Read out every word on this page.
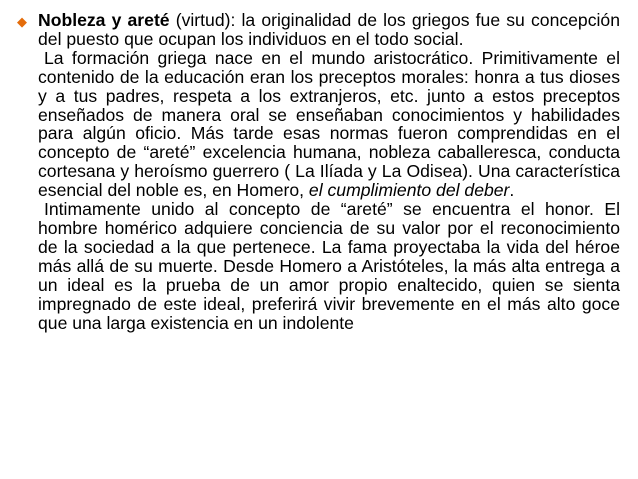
◆

Nobleza y areté (virtud): la originalidad de los griegos fue su concepción del puesto que ocupan los individuos en el todo social.

La formación griega nace en el mundo aristocrático. Primitivamente el contenido de la educación eran los preceptos morales: honra a tus dioses y a tus padres, respeta a los extranjeros, etc. junto a estos preceptos enseñados de manera oral se enseñaban conocimientos y habilidades para algún oficio. Más tarde esas normas fueron comprendidas en el concepto de “areté” excelencia humana, nobleza caballeresca, conducta cortesana y heroísmo guerrero ( La Ilíada y La Odisea). Una característica esencial del noble es, en Homero, el cumplimiento del deber.

Intimamente unido al concepto de “areté” se encuentra el honor. El hombre homérico adquiere conciencia de su valor por el reconocimiento de la sociedad a la que pertenece. La fama proyectaba la vida del héroe más allá de su muerte. Desde Homero a Aristóteles, la más alta entrega a un ideal es la prueba de un amor propio enaltecido, quien se sienta impregnado de este ideal, preferirá vivir brevemente en el más alto goce que una larga existencia en un indolente
